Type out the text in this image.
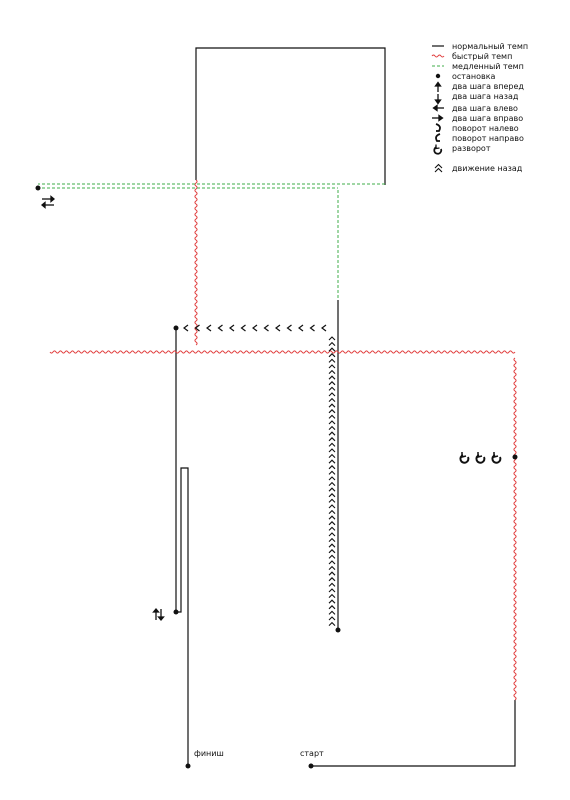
нормальный темп
быстрый темп
медленный темп
остановка
два шага вперед
два шага назад
два шага влево
два шага вправо
поворот налево
поворот направо
разворот
движение назад
старт
финиш
